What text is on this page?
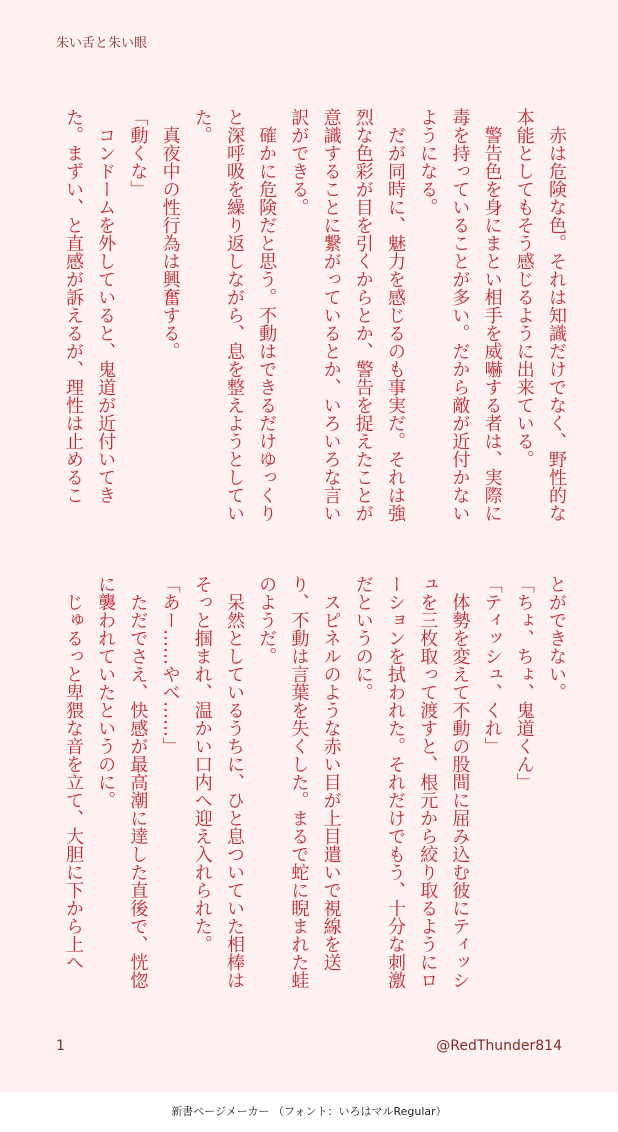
朱い舌と朱い眼

赤は危険な色。それは知識だけでなく、野性的な本能としてもそう感じるように出来ている。

警告色を身にまとい相手を威嚇する者は、実際に毒を持っていることが多い。だから敵が近付かないようになる。

だが同時に、魅力を感じるのも事実だ。それは強烈な色彩が目を引くからとか、警告を捉えたことが意識することに繋がっているとか、いろいろな言い訳ができる。

確かに危険だと思う。不動はできるだけゆっくりと深呼吸を繰り返しながら、息を整えようとしていた。

真夜中の性行為は興奮する。

「動くな」

コンドームを外していると、鬼道が近付いてきた。まずい、と直感が訴えるが、理性は止めるこ

とができない。

「ちょ、ちょ、鬼道くん」

「ティッシュ、くれ」

体勢を変えて不動の股間に屈み込む彼にティッシュを三枚取って渡すと、根元から絞り取るようにローションを拭われた。それだけでもう、十分な刺激だというのに。

スピネルのような赤い目が上目遣いで視線を送り、不動は言葉を失くした。まるで蛇に睨まれた蛙のようだ。

呆然としているうちに、ひと息ついていた相棒はそっと掴まれ、温かい口内へ迎え入れられた。

「あー……やべ……」

ただでさえ、快感が最高潮に達した直後で、恍惚に襲われていたというのに。

じゅるっと卑猥な音を立て、大胆に下から上へ

1	@RedThunder814
新書ページメーカー （フォント：いろはマルRegular）
